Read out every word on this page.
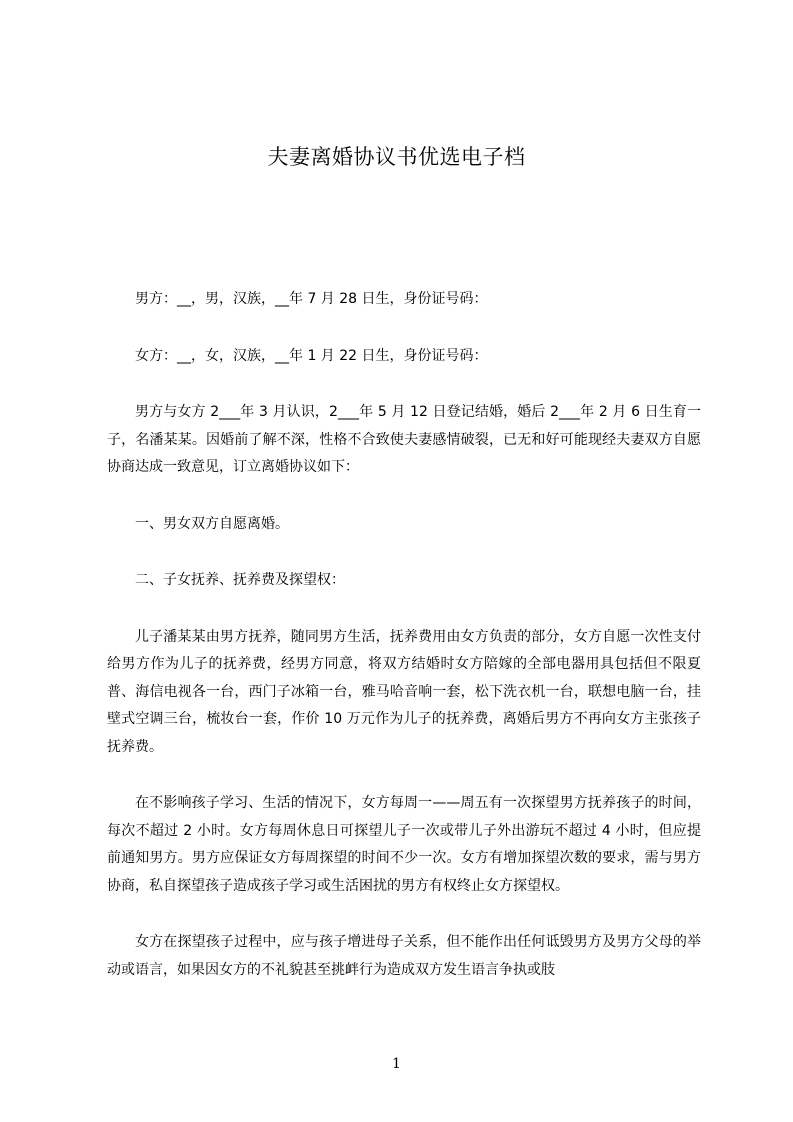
夫妻离婚协议书优选电子档

男方：__，男，汉族，__年 7 月 28 日生，身份证号码：

女方：__，女，汉族，__年 1 月 22 日生，身份证号码：

男方与女方 2___年 3 月认识，2___年 5 月 12 日登记结婚，婚后 2___年 2 月 6 日生育一子，名潘某某。因婚前了解不深，性格不合致使夫妻感情破裂，已无和好可能现经夫妻双方自愿协商达成一致意见，订立离婚协议如下：

一、男女双方自愿离婚。

二、子女抚养、抚养费及探望权：

儿子潘某某由男方抚养，随同男方生活，抚养费用由女方负责的部分，女方自愿一次性支付给男方作为儿子的抚养费，经男方同意，将双方结婚时女方陪嫁的全部电器用具包括但不限夏普、海信电视各一台，西门子冰箱一台，雅马哈音响一套，松下洗衣机一台，联想电脑一台，挂壁式空调三台，梳妆台一套，作价 10 万元作为儿子的抚养费，离婚后男方不再向女方主张孩子抚养费。

在不影响孩子学习、生活的情况下，女方每周一——周五有一次探望男方抚养孩子的时间，每次不超过 2 小时。女方每周休息日可探望儿子一次或带儿子外出游玩不超过 4 小时，但应提前通知男方。男方应保证女方每周探望的时间不少一次。女方有增加探望次数的要求，需与男方协商，私自探望孩子造成孩子学习或生活困扰的男方有权终止女方探望权。

女方在探望孩子过程中，应与孩子增进母子关系，但不能作出任何诋毁男方及男方父母的举动或语言，如果因女方的不礼貌甚至挑衅行为造成双方发生语言争执或肢

1
